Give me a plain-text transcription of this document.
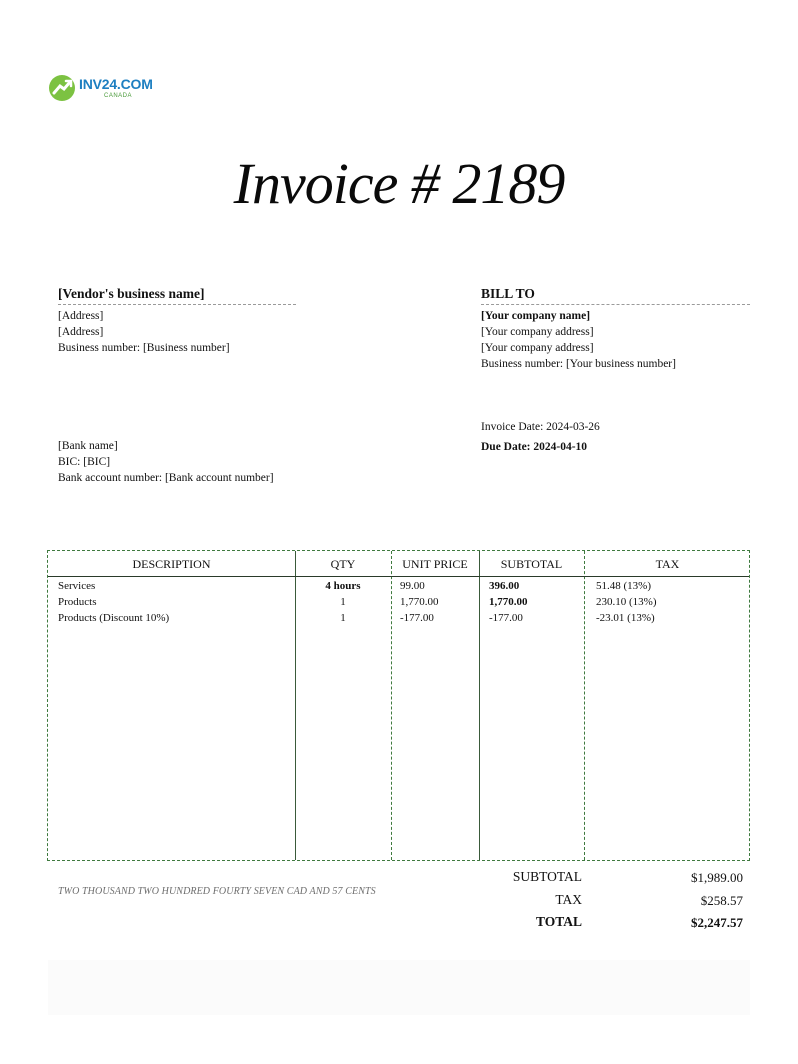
INV24.COM
CANADA
Invoice # 2189
[Vendor's business name]
[Address]
[Address]
Business number: [Business number]
[Bank name]
BIC: [BIC]
Bank account number: [Bank account number]
BILL TO
[Your company name]
[Your company address]
[Your company address]
Business number: [Your business number]
Invoice Date: 2024-03-26
Due Date: 2024-04-10
DESCRIPTION	QTY	UNIT PRICE	SUBTOTAL	TAX
Services	4 hours	99.00	396.00	51.48 (13%)
Products	1	1,770.00	1,770.00	230.10 (13%)
Products (Discount 10%)	1	-177.00	-177.00	-23.01 (13%)
TWO THOUSAND TWO HUNDRED FOURTY SEVEN CAD AND 57 CENTS
SUBTOTAL	$1,989.00
TAX	$258.57
TOTAL	$2,247.57
